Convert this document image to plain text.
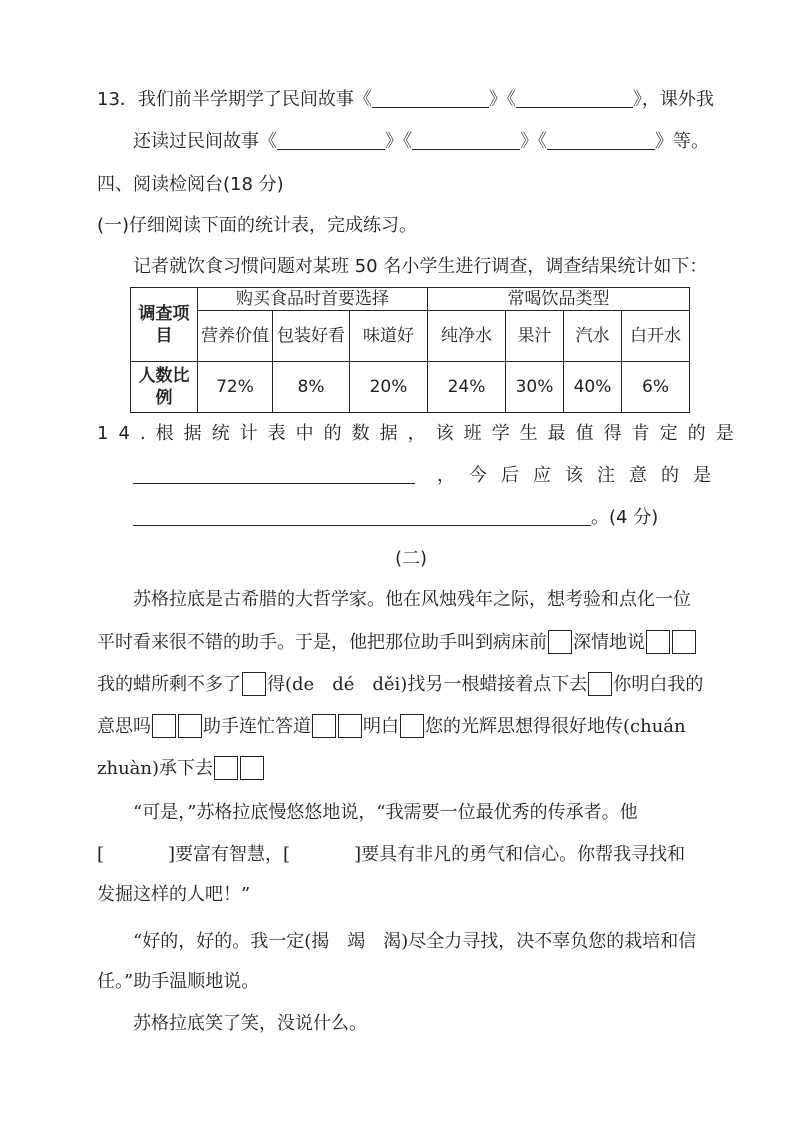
13．我们前半学期学了民间故事《	》《	》，课外我
还读过民间故事《	》《	》《	》等。
四、阅读检阅台(18 分)
(一)仔细阅读下面的统计表，完成练习。
记者就饮食习惯问题对某班 50 名小学生进行调查，调查结果统计如下：
调查项目	购买食品时首要选择			常喝饮品类型			
	营养价值	包装好看	味道好	纯净水	果汁	汽水	白开水
人数比例	72%	8%	20%	24%	30%	40%	6%
14.根据统计表中的数据，该班学生最值得肯定的是
，今后应该注意的是
。(4 分)
(二)
苏格拉底是古希腊的大哲学家。他在风烛残年之际，想考验和点化一位
平时看来很不错的助手。于是，他把那位助手叫到病床前 深情地说
我的蜡所剩不多了 得(de　dé　děi)找另一根蜡接着点下去 你明白我的
意思吗	助手连忙答道	明白 您的光辉思想得很好地传(chuán
zhuàn)承下去
“可是，”苏格拉底慢悠悠地说，“我需要一位最优秀的传承者。他
[	]要富有智慧，[	]要具有非凡的勇气和信心。你帮我寻找和
发掘这样的人吧！”
“好的，好的。我一定(揭　竭　渴)尽全力寻找，决不辜负您的栽培和信
任。”助手温顺地说。
苏格拉底笑了笑，没说什么。
